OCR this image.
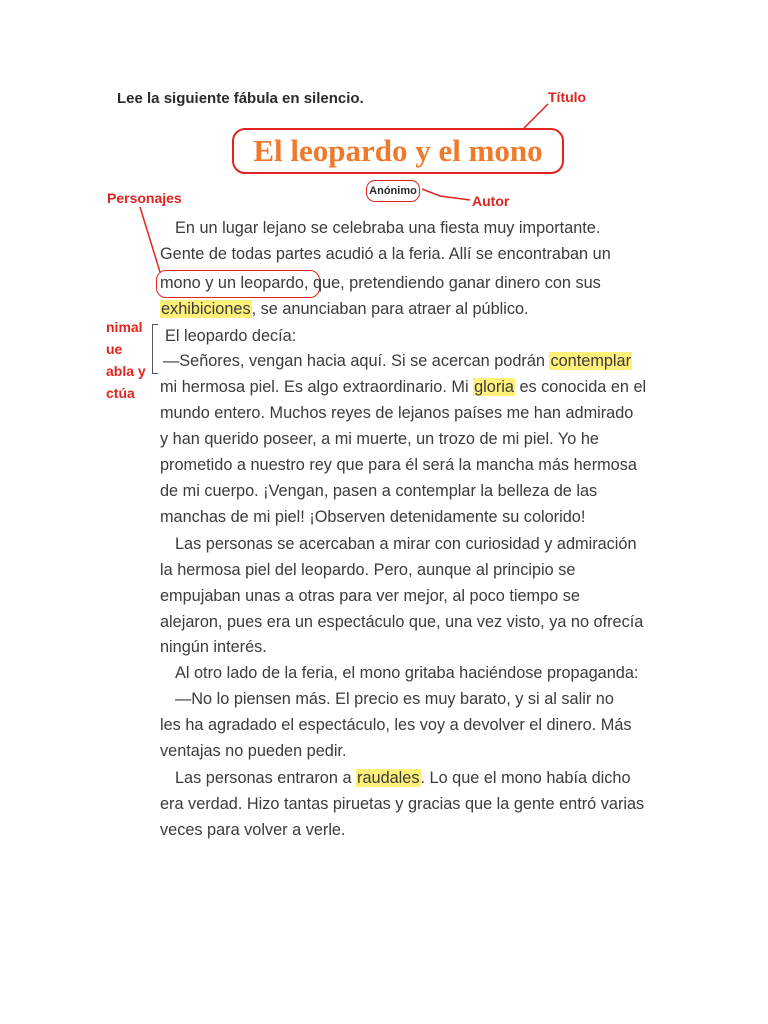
Lee la siguiente fábula en silencio.
El leopardo y el mono
Anónimo
Título
Autor
Personajes
nimal
ue
abla y
ctúa
En un lugar lejano se celebraba una fiesta muy importante.
Gente de todas partes acudió a la feria. Allí se encontraban un
mono y un leopardo, que, pretendiendo ganar dinero con sus
exhibiciones, se anunciaban para atraer al público.
El leopardo decía:
—Señores, vengan hacia aquí. Si se acercan podrán contemplar
mi hermosa piel. Es algo extraordinario. Mi gloria es conocida en el
mundo entero. Muchos reyes de lejanos países me han admirado
y han querido poseer, a mi muerte, un trozo de mi piel. Yo he
prometido a nuestro rey que para él será la mancha más hermosa
de mi cuerpo. ¡Vengan, pasen a contemplar la belleza de las
manchas de mi piel! ¡Observen detenidamente su colorido!
Las personas se acercaban a mirar con curiosidad y admiración
la hermosa piel del leopardo. Pero, aunque al principio se
empujaban unas a otras para ver mejor, al poco tiempo se
alejaron, pues era un espectáculo que, una vez visto, ya no ofrecía
ningún interés.
Al otro lado de la feria, el mono gritaba haciéndose propaganda:
—No lo piensen más. El precio es muy barato, y si al salir no
les ha agradado el espectáculo, les voy a devolver el dinero. Más
ventajas no pueden pedir.
Las personas entraron a raudales. Lo que el mono había dicho
era verdad. Hizo tantas piruetas y gracias que la gente entró varias
veces para volver a verle.
